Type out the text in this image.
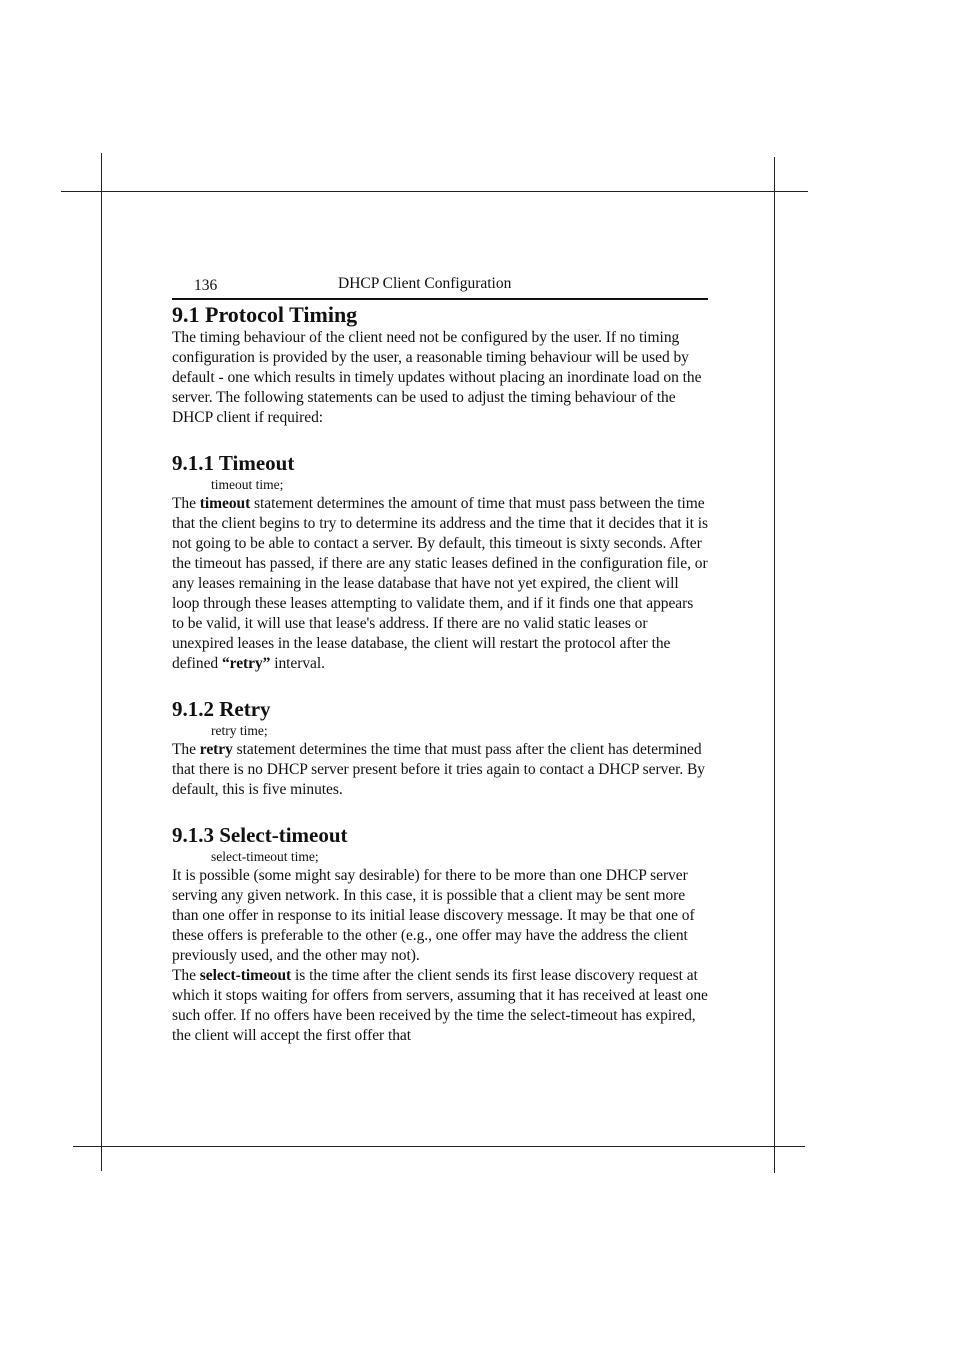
136	DHCP Client Configuration
9.1 Protocol Timing

The timing behaviour of the client need not be configured by the user. If no timing configuration is provided by the user, a reasonable timing behaviour will be used by default - one which results in timely updates without placing an inordinate load on the server. The following statements can be used to adjust the timing behaviour of the DHCP client if required:

9.1.1 Timeout
timeout time;

The timeout statement determines the amount of time that must pass between the time that the client begins to try to determine its address and the time that it decides that it is not going to be able to contact a server. By default, this timeout is sixty seconds. After the timeout has passed, if there are any static leases defined in the configuration file, or any leases remaining in the lease database that have not yet expired, the client will loop through these leases attempting to validate them, and if it finds one that appears to be valid, it will use that lease's address. If there are no valid static leases or unexpired leases in the lease database, the client will restart the protocol after the defined “retry” interval.

9.1.2 Retry
retry time;

The retry statement determines the time that must pass after the client has determined that there is no DHCP server present before it tries again to contact a DHCP server. By default, this is five minutes.

9.1.3 Select-timeout
select-timeout time;

It is possible (some might say desirable) for there to be more than one DHCP server serving any given network. In this case, it is possible that a client may be sent more than one offer in response to its initial lease discovery message. It may be that one of these offers is preferable to the other (e.g., one offer may have the address the client previously used, and the other may not).

The select-timeout is the time after the client sends its first lease discovery request at which it stops waiting for offers from servers, assuming that it has received at least one such offer. If no offers have been received by the time the select-timeout has expired, the client will accept the first offer that
